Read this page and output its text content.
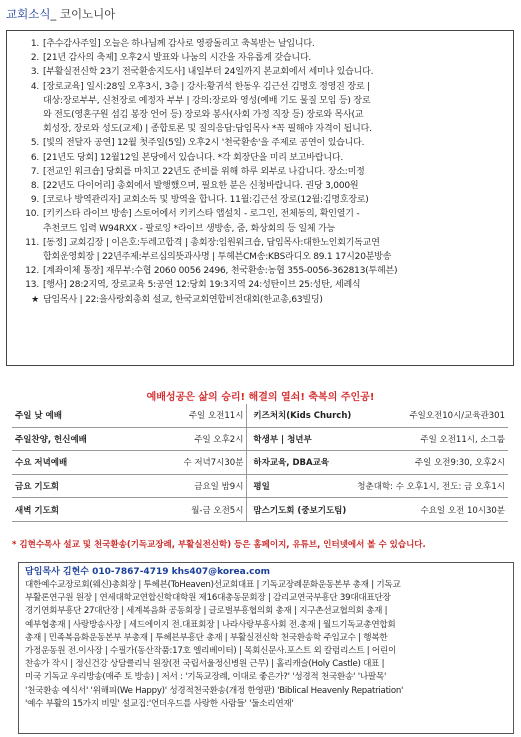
교회소식_ 코이노니아
1. [추수감사주일] 오늘은 하나님께 감사로 영광돌리고 축복받는 날입니다.
2. [21년 감사의 축제] 오후2시 발표와 나눔의 시간을 자유롭게 갖습니다.
3. [부활실전신학 23기 전국환송지도사] 내일부터 24일까지 본교회에서 세미나 있습니다.
4. [장로교육] 일시:28일 오후3시, 3층 | 강사:황귀석 한동우 김근선 김명호 정영진 장로 |
대상:장로부부, 신천장로 예정자 부부 | 강의:장로와 영성(예배 기도 물질 모임 등) 장로
와 전도(영혼구원 섬김 봉장 언어 등) 장로와 봉사(사회 가정 직장 등) 장로와 목사(교
회성장, 장로와 성도(교제) | 종합토론 및 질의응답:답임목사 *꼭 필해야 자격이 됩니다.
5. [빛의 전달자 공연] 12월 첫주일(5일) 오후2시 '천국환송'을 주제로 공연이 있습니다.
6. [21년도 당회] 12월12일 본당에서 있습니다. *각 회장단을 미리 보고바랍니다.
7. [전교인 워크숍] 당회를 마치고 22년도 준비를 위해 하루 외부로 나갑니다. 장소:미정
8. [22년도 다이어리] 총회에서 발행했으며, 필요한 분은 신청바랍니다. 권당 3,000원
9. [코로나 방역관리자] 교회소독 및 방역을 합니다. 11월:김근선 장로(12월:김명호장로)
10. [키키스타 라이브 방송] 스토어에서 키키스타 앱설치 - 로그인, 전체동의, 확인열기 -
추천코드 입력 W94RXX - 팔로잉 *라이브 생방송, 줌, 화상회의 등 일체 가능
11. [동정] 교회김장 | 이은호:두레고합격 | 총회장:임원워크숍, 답임목사:대한노인회기독교연
합회운영회장 | 22년주제:부르심의뜻과사명 | 투헤븐CM송:KBS라디오 89.1 17시20분방송
12. [계좌이체 통장] 재무부:수협 2060 0056 2496, 천국환송:농협 355-0056-362813(투헤븐)
13. [행사] 28:2지역, 장로교육 5:공연 12:당회 19:3지역 24:성탄이브 25:성탄, 세례식
★ 담임목사 | 22:을사랑회총회 설교, 한국교회연합비전대회(한교총,63빌딩)
예배성공은 삶의 승리! 해결의 열쇠! 축복의 주인공!
주일 낮 예배	주일 오전11시	키즈처치(Kids Church)	주일오전10시/교육관301
주일찬양, 헌신예배	주일 오후2시	학생부 | 청년부	주일 오전11시, 소그룹
수요 저녁예배	수 저녁7시30분	하자교육, DBA교육	주일 오전9:30, 오후2시
금요 기도회	금요일 밤9시	평일	청춘대학: 수 오후1시, 전도: 금 오후1시
새벽 기도회	월-금 오전5시	맘스기도회 (중보기도팀)	수요일 오전 10시30분
* 김현수목사 설교 및 천국환송(기독교장례, 부활실전신학) 등은 홈페이지, 유튜브, 인터넷에서 볼 수 있습니다.
담임목사 김현수 010-7867-4719 khs407@korea.com
대한예수교장로회(웨신)총회장 | 투헤븐(ToHeaven)선교회대표 | 기독교장례문화운동본부 총재 | 기독교
부활론연구원 원장 | 연세대학교연합신학대학원 제16대총동문회장 | 감리교연국부흥단 39대대표단장
경기연회부흥단 27대단장 | 세계복음화 공동회장 | 글로벌부흥협의회 총재 | 지구촌선교협의회 총재 |
예부협총재 | 사랑방송사장 | 세드에이지 전.대표회장 | 나라사랑부흥사회 전.총재 | 월드기독교총연합회
총재 | 민족복음화운동본부 부총재 | 투헤븐부흥단 총재 | 부활실전신학 천국환송학 주임교수 | 행복한
가정운동원 전.이사장 | 수필가(동산작품:17호 엘리베이터) | 목회신문사.포스트 외 칼럼리스트 | 어린이
찬송가 작시 | 정신건강 상담클리닉 원장(전 국립서울정신병원 근무) | 홀리캐슬(Holy Castle) 대표 |
미국 기독교 우리방송(매주 토 방송) | 저서 : '기독교장례, 이대로 좋은가?' '성경적 천국환송' '나팔목'
'천국환송 예식서' '위해피(We Happy)' 성경적천국환송(개정 한영판) 'Biblical Heavenly Repatriation'
'예수 부활의 15가지 비밀' 설교집:'언더우드를 사랑한 사람들' '둘소리연재'
